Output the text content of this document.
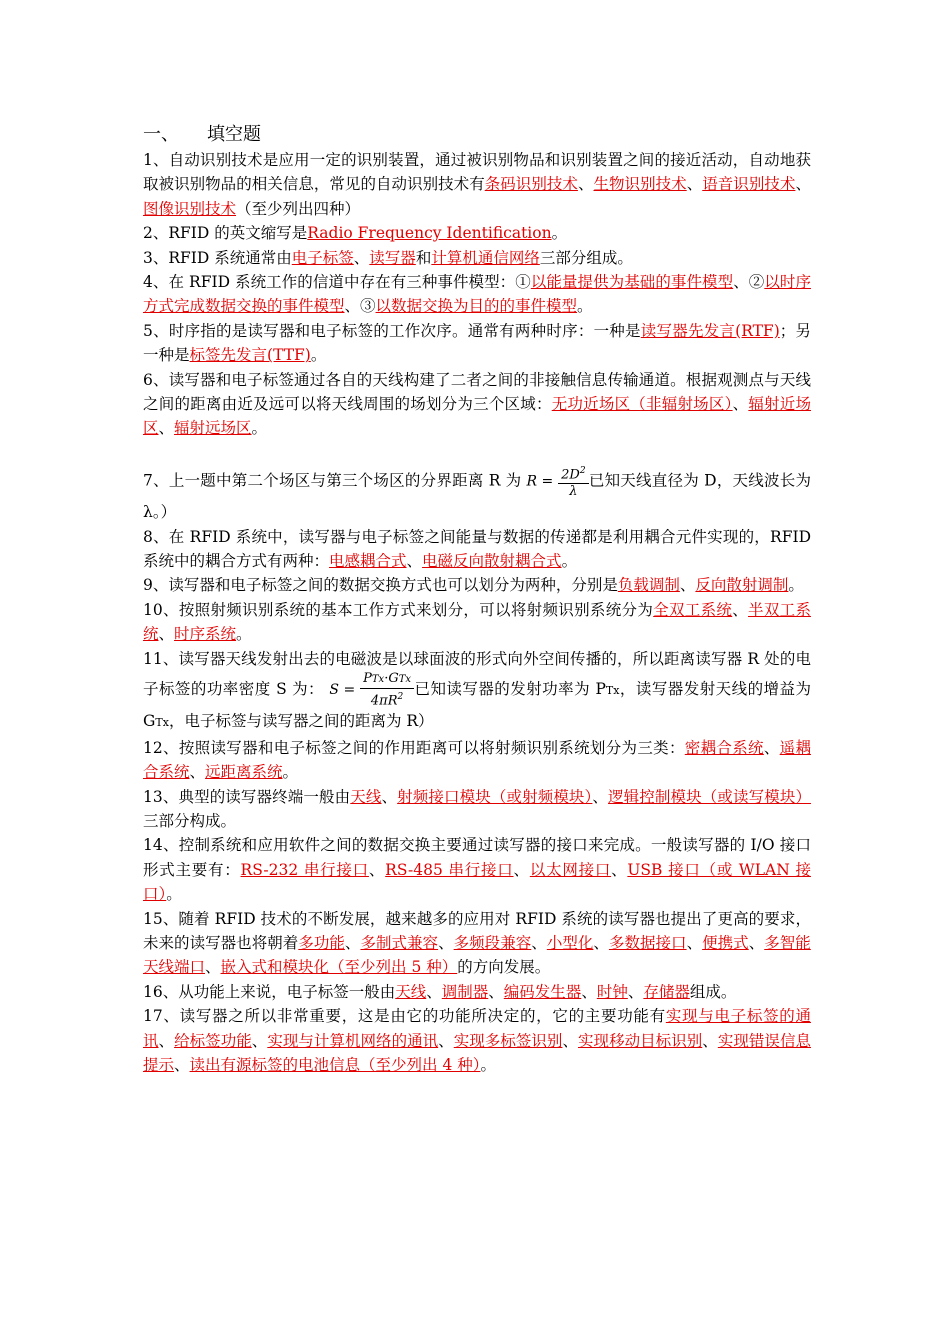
一、 填空题

1、自动识别技术是应用一定的识别装置，通过被识别物品和识别装置之间的接近活动，自动地获取被识别物品的相关信息，常见的自动识别技术有条码识别技术、生物识别技术、语音识别技术、图像识别技术（至少列出四种）

2、RFID 的英文缩写是Radio Frequency Identification。

3、RFID 系统通常由电子标签、读写器和计算机通信网络三部分组成。

4、在 RFID 系统工作的信道中存在有三种事件模型：①以能量提供为基础的事件模型、②以时序方式完成数据交换的事件模型、③以数据交换为目的的事件模型。

5、时序指的是读写器和电子标签的工作次序。通常有两种时序：一种是读写器先发言(RTF)；另一种是标签先发言(TTF)。

6、读写器和电子标签通过各自的天线构建了二者之间的非接触信息传输通道。根据观测点与天线之间的距离由近及远可以将天线周围的场划分为三个区域：无功近场区（非辐射场区）、辐射近场区、辐射远场区。

7、上一题中第二个场区与第三个场区的分界距离 R 为 $R = \frac{2D^2}{\lambda}$ 已知天线直径为 D，天线波长为λ。）

8、在 RFID 系统中，读写器与电子标签之间能量与数据的传递都是利用耦合元件实现的，RFID 系统中的耦合方式有两种：电感耦合式、电磁反向散射耦合式。

9、读写器和电子标签之间的数据交换方式也可以划分为两种，分别是负载调制、反向散射调制。

10、按照射频识别系统的基本工作方式来划分，可以将射频识别系统分为全双工系统、半双工系统、时序系统。

11、读写器天线发射出去的电磁波是以球面波的形式向外空间传播的，所以距离读写器 R 处的电子标签的功率密度 S 为： $S = \frac{\text{PTx·GTx}}{4\pi R^2}$ 已知读写器的发射功率为 PTx，读写器发射天线的增益为 GTx，电子标签与读写器之间的距离为 R）

12、按照读写器和电子标签之间的作用距离可以将射频识别系统划分为三类：密耦合系统、遥耦合系统、远距离系统。

13、典型的读写器终端一般由天线、射频接口模块（或射频模块）、逻辑控制模块（或读写模块）三部分构成。

14、控制系统和应用软件之间的数据交换主要通过读写器的接口来完成。一般读写器的 I/O 接口形式主要有：RS-232 串行接口、RS-485 串行接口、以太网接口、USB 接口（或 WLAN 接口）。

15、随着 RFID 技术的不断发展，越来越多的应用对 RFID 系统的读写器也提出了更高的要求，未来的读写器也将朝着多功能、多制式兼容、多频段兼容、小型化、多数据接口、便携式、多智能天线端口、嵌入式和模块化（至少列出 5 种）的方向发展。

16、从功能上来说，电子标签一般由天线、调制器、编码发生器、时钟、存储器组成。

17、读写器之所以非常重要，这是由它的功能所决定的，它的主要功能有实现与电子标签的通讯、给标签功能、实现与计算机网络的通讯、实现多标签识别、实现移动目标识别、实现错误信息提示、读出有源标签的电池信息（至少列出 4 种）。
